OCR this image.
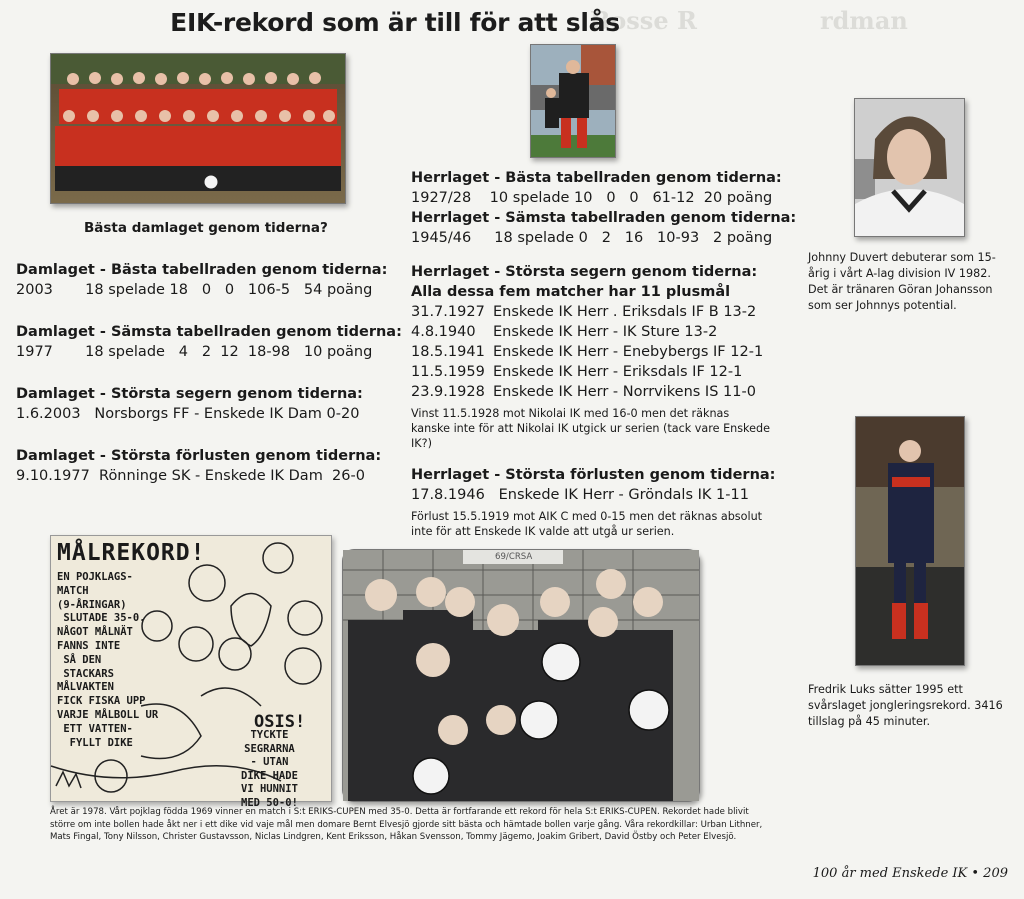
Bosse R	rdman
EIK-rekord som är till för att slås
Bästa damlaget genom tiderna?
Damlaget - Bästa tabellraden genom tiderna:
2003       18 spelade 18   0   0   106-5   54 poäng
Damlaget - Sämsta tabellraden genom tiderna:
1977       18 spelade   4   2  12  18-98   10 poäng
Damlaget - Största segern genom tiderna:
1.6.2003   Norsborgs FF - Enskede IK Dam 0-20
Damlaget - Största förlusten genom tiderna:
9.10.1977  Rönninge SK - Enskede IK Dam  26-0
Herrlaget - Bästa tabellraden genom tiderna:
1927/28    10 spelade 10   0   0   61-12  20 poäng
Herrlaget - Sämsta tabellraden genom tiderna:
1945/46     18 spelade 0   2   16   10-93   2 poäng
Herrlaget - Största segern genom tiderna:
Alla dessa fem matcher har 11 plusmål
31.7.1927 Enskede IK Herr . Eriksdals IF B 13-2
4.8.1940	Enskede IK Herr - IK Sture 13-2
18.5.1941 Enskede IK Herr - Enebybergs IF 12-1
11.5.1959 Enskede IK Herr - Eriksdals IF 12-1
23.9.1928 Enskede IK Herr - Norrvikens IS 11-0
Vinst 11.5.1928 mot Nikolai IK med 16-0 men det räknas kanske inte för att Nikolai IK utgick ur serien (tack vare Enskede IK?)
Herrlaget - Största förlusten genom tiderna:
17.8.1946   Enskede IK Herr - Gröndals IK 1-11
Förlust 15.5.1919 mot AIK C med 0-15 men det räknas absolut inte för att Enskede IK valde att utgå ur serien.
Johnny Duvert debuterar som 15-årig i vårt A-lag division IV 1982. Det är tränaren Göran Johansson som ser Johnnys potential.
Fredrik Luks sätter 1995 ett svårslaget jongleringsrekord. 3416 tillslag på 45 minuter.
MÅLREKORD!
EN POJKLAGS-
MATCH
(9-ÅRINGAR)
SLUTADE 35-0.
NÅGOT MÅLNÄT
FANNS INTE
SÅ DEN
STACKARS
MÅLVAKTEN
FICK FISKA UPP
VARJE MÅLBOLL UR
ETT VATTEN-
FYLLT DIKE
OSIS!
TYCKTE
SEGRARNA
- UTAN
DIKE HADE
VI HUNNIT
MED 50-0!
69/CRSA
Året är 1978. Vårt pojklag födda 1969 vinner en match i S:t ERIKS-CUPEN med 35-0. Detta är fortfarande ett rekord för hela S:t ERIKS-CUPEN. Rekordet hade blivit större om inte bollen hade åkt ner i ett dike vid vaje mål men domare Bernt Elvesjö gjorde sitt bästa och hämtade bollen varje gång. Våra rekordkillar: Urban Lithner, Mats Fingal, Tony Nilsson, Christer Gustavsson, Niclas Lindgren, Kent Eriksson, Håkan Svensson, Tommy Jägemo, Joakim Gribert, David Östby och Peter Elvesjö.
100 år med Enskede IK • 209
